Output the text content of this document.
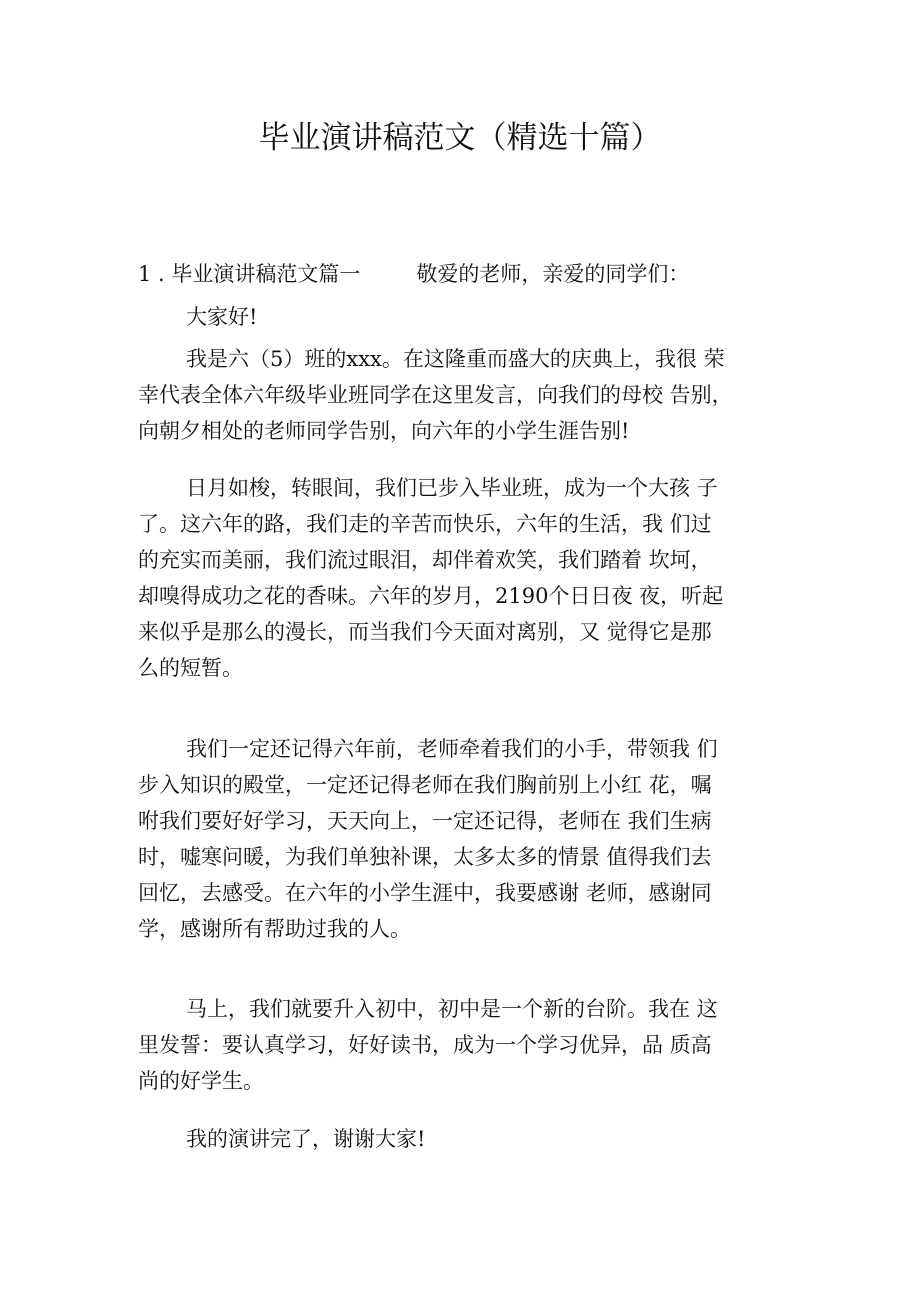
毕业演讲稿范文（精选十篇）
1 . 毕业演讲稿范文篇一	敬爱的老师，亲爱的同学们：

大家好!

我是六（5）班的xxx。在这隆重而盛大的庆典上，我很 荣
幸代表全体六年级毕业班同学在这里发言，向我们的母校 告别，
向朝夕相处的老师同学告别，向六年的小学生涯告别!

日月如梭，转眼间，我们已步入毕业班，成为一个大孩 子
了。这六年的路，我们走的辛苦而快乐，六年的生活，我 们过
的充实而美丽，我们流过眼泪，却伴着欢笑，我们踏着 坎坷，
却嗅得成功之花的香味。六年的岁月，2190个日日夜 夜，听起
来似乎是那么的漫长，而当我们今天面对离别，又 觉得它是那
么的短暂。

我们一定还记得六年前，老师牵着我们的小手，带领我 们
步入知识的殿堂，一定还记得老师在我们胸前别上小红 花，嘱
咐我们要好好学习，天天向上，一定还记得，老师在 我们生病
时，嘘寒问暖，为我们单独补课，太多太多的情景 值得我们去
回忆，去感受。在六年的小学生涯中，我要感谢 老师，感谢同
学，感谢所有帮助过我的人。

马上，我们就要升入初中，初中是一个新的台阶。我在 这
里发誓：要认真学习，好好读书，成为一个学习优异，品 质高
尚的好学生。

我的演讲完了，谢谢大家!
